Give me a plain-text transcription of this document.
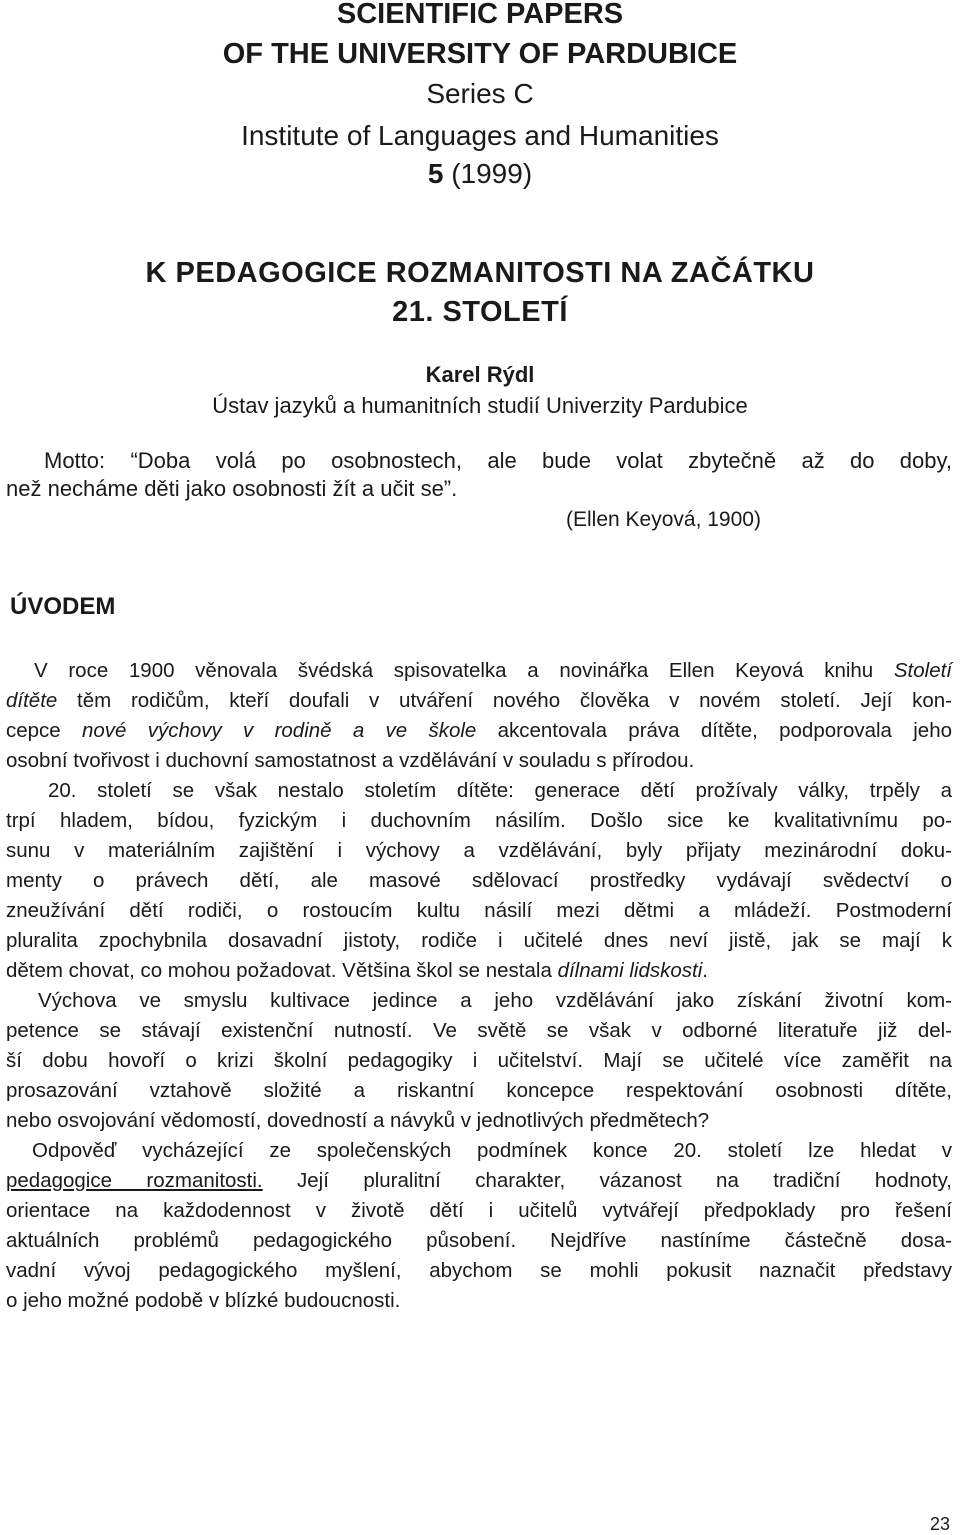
SCIENTIFIC PAPERS
OF THE UNIVERSITY OF PARDUBICE
Series C
Institute of Languages and Humanities
5 (1999)
K PEDAGOGICE ROZMANITOSTI NA ZAČÁTKU
21. STOLETÍ
Karel Rýdl
Ústav jazyků a humanitních studií Univerzity Pardubice
Motto: “Doba volá po osobnostech, ale bude volat zbytečně až do doby,
než necháme děti jako osobnosti žít a učit se”.
(Ellen Keyová, 1900)
ÚVODEM
V roce 1900 věnovala švédská spisovatelka a novinářka Ellen Keyová knihu Století
dítěte těm rodičům, kteří doufali v utváření nového člověka v novém století. Její kon-
cepce nové výchovy v rodině a ve škole akcentovala práva dítěte, podporovala jeho
osobní tvořivost i duchovní samostatnost a vzdělávání v souladu s přírodou.
20. století se však nestalo stoletím dítěte: generace dětí prožívaly války, trpěly a
trpí hladem, bídou, fyzickým i duchovním násilím. Došlo sice ke kvalitativnímu po-
sunu v materiálním zajištění i výchovy a vzdělávání, byly přijaty mezinárodní doku-
menty o právech dětí, ale masové sdělovací prostředky vydávají svědectví o
zneužívání dětí rodiči, o rostoucím kultu násilí mezi dětmi a mládeží. Postmoderní
pluralita zpochybnila dosavadní jistoty, rodiče i učitelé dnes neví jistě, jak se mají k
dětem chovat, co mohou požadovat. Většina škol se nestala dílnami lidskosti.
Výchova ve smyslu kultivace jedince a jeho vzdělávání jako získání životní kom-
petence se stávají existenční nutností. Ve světě se však v odborné literatuře již del-
ší dobu hovoří o krizi školní pedagogiky i učitelství. Mají se učitelé více zaměřit na
prosazování vztahově složité a riskantní koncepce respektování osobnosti dítěte,
nebo osvojování vědomostí, dovedností a návyků v jednotlivých předmětech?
Odpověď vycházející ze společenských podmínek konce 20. století lze hledat v
pedagogice rozmanitosti. Její pluralitní charakter, vázanost na tradiční hodnoty,
orientace na každodennost v životě dětí i učitelů vytvářejí předpoklady pro řešení
aktuálních problémů pedagogického působení. Nejdříve nastíníme částečně dosa-
vadní vývoj pedagogického myšlení, abychom se mohli pokusit naznačit představy
o jeho možné podobě v blízké budoucnosti.
23
